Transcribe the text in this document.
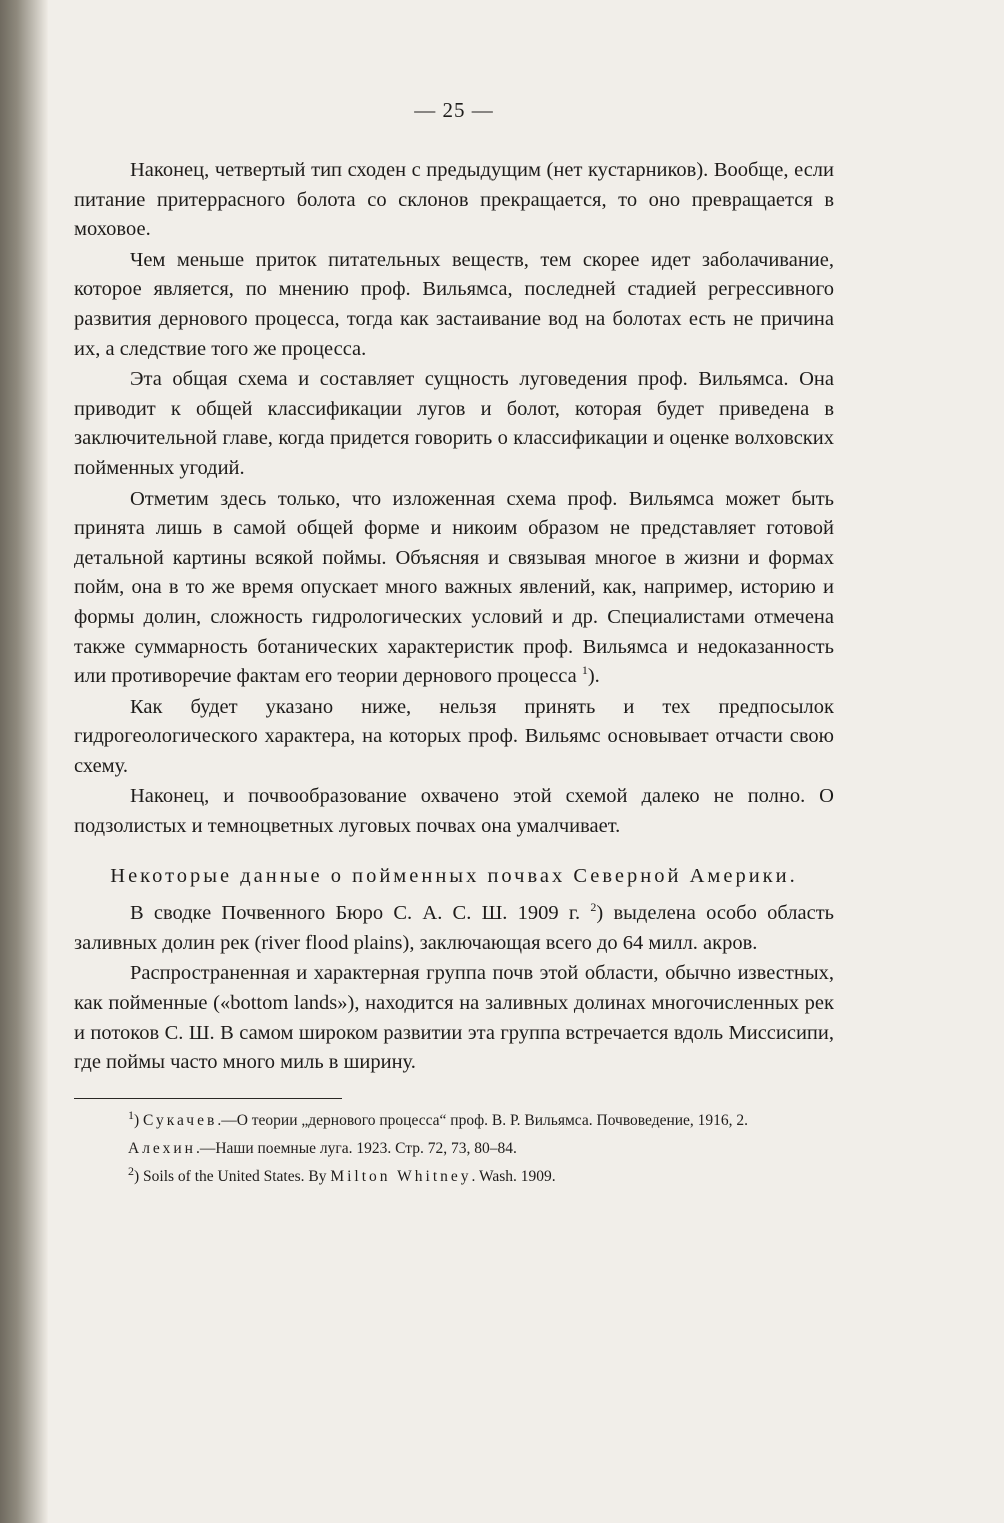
— 25 —

Наконец, четвертый тип сходен с предыдущим (нет кустарников). Вообще, если питание притеррасного болота со склонов прекращается, то оно превращается в моховое.

Чем меньше приток питательных веществ, тем скорее идет заболачивание, которое является, по мнению проф. Вильямса, последней стадией регрессивного развития дернового процесса, тогда как застаивание вод на болотах есть не причина их, а следствие того же процесса.

Эта общая схема и составляет сущность луговедения проф. Вильямса. Она приводит к общей классификации лугов и болот, которая будет приведена в заключительной главе, когда придется говорить о классификации и оценке волховских пойменных угодий.

Отметим здесь только, что изложенная схема проф. Вильямса может быть принята лишь в самой общей форме и никоим образом не представляет готовой детальной картины всякой поймы. Объясняя и связывая многое в жизни и формах пойм, она в то же время опускает много важных явлений, как, например, историю и формы долин, сложность гидрологических условий и др. Специалистами отмечена также суммарность ботанических характеристик проф. Вильямса и недоказанность или противоречие фактам его теории дернового процесса $^1$).

Как будет указано ниже, нельзя принять и тех предпосылок гидрогеологического характера, на которых проф. Вильямс основывает отчасти свою схему.

Наконец, и почвообразование охвачено этой схемой далеко не полно. О подзолистых и темноцветных луговых почвах она умалчивает.

Некоторые данные о пойменных почвах Северной Америки.

В сводке Почвенного Бюро С. А. С. Ш. 1909 г. $^2$) выделена особо область заливных долин рек (river flood plains), заключающая всего до 64 милл. акров.

Распространенная и характерная группа почв этой области, обычно известных, как пойменные («bottom lands»), находится на заливных долинах многочисленных рек и потоков С. Ш. В самом широком развитии эта группа встречается вдоль Миссисипи, где поймы часто много миль в ширину.

$^1$) Сукачев.—О теории „дернового процесса“ проф. В. Р. Вильямса. Почвоведение, 1916, 2.

Алехин.—Наши поемные луга. 1923. Стр. 72, 73, 80–84.

$^2$) Soils of the United States. By Milton Whitney. Wash. 1909.
